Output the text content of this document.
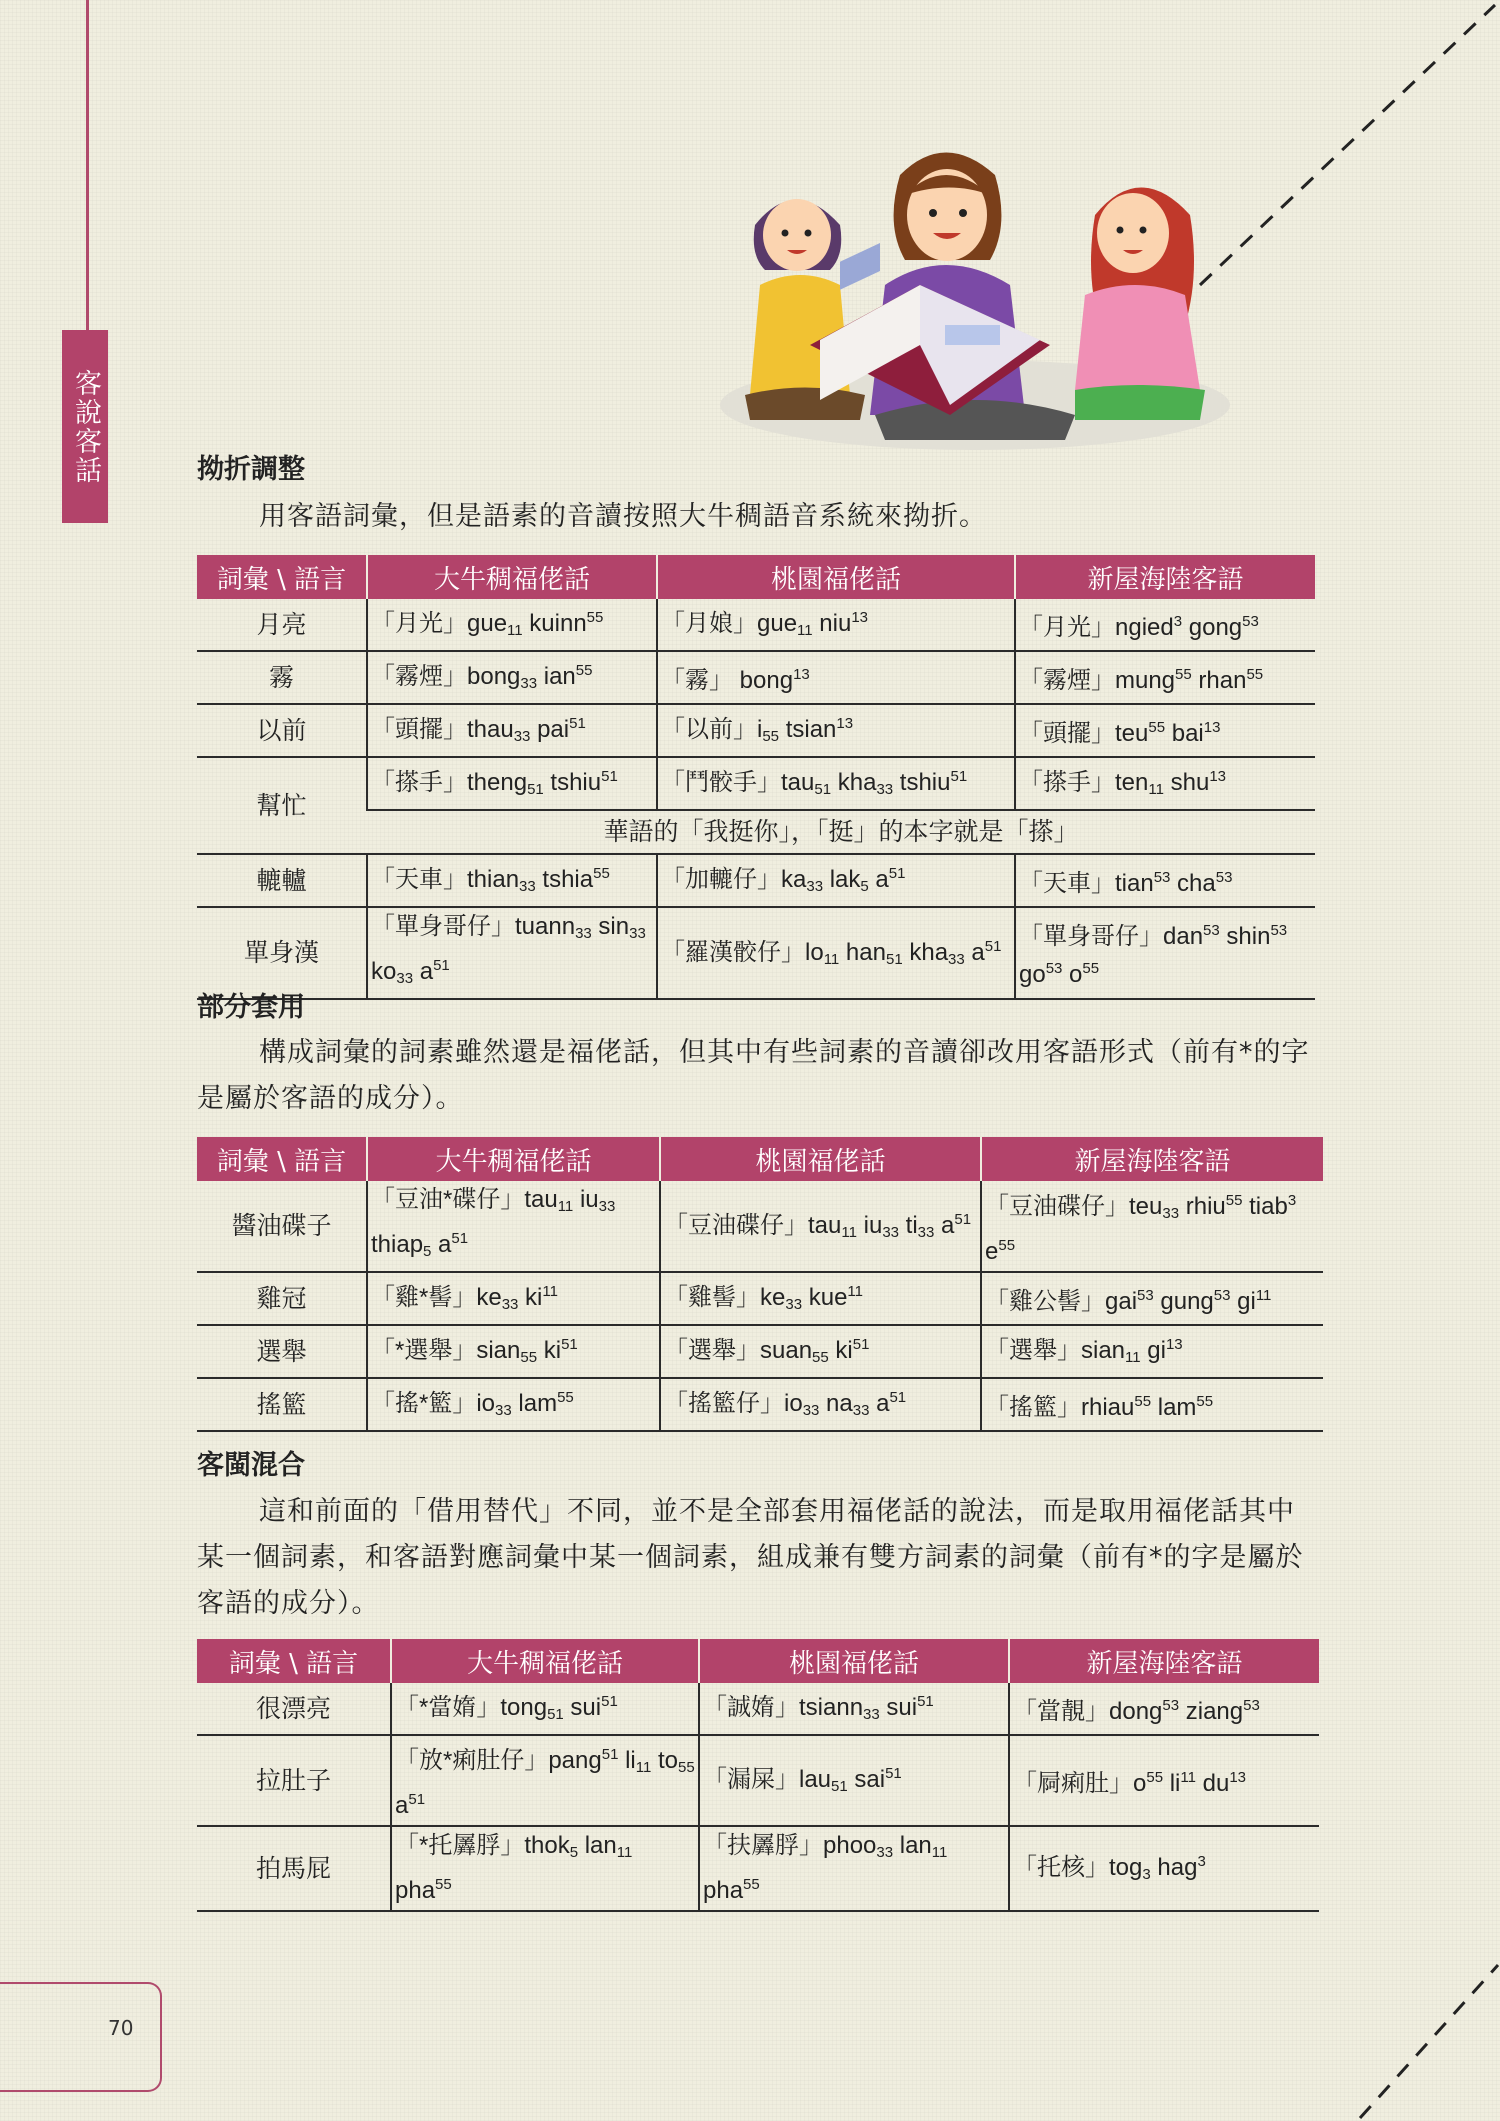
客說客話
70
拗折調整
用客語詞彙，但是語素的音讀按照大牛稠語音系統來拗折。
詞彙 \ 語言	大牛稠福佬話	桃園福佬話	新屋海陸客語
月亮	「月光」gue$_{11}$ kuinn$^{55}$	「月娘」gue$_{11}$ niu$^{13}$	「月光」ngied$^3$ gong$^{53}$
霧	「霧煙」bong$_{33}$ ian$^{55}$	「霧」 bong$^{13}$	「霧煙」mung$^{55}$ rhan$^{55}$
以前	「頭擺」thau$_{33}$ pai$^{51}$	「以前」$i_{55}$ tsian$^{13}$	「頭擺」teu$^{55}$ bai$^{13}$
幫忙	「搽手」theng$_{51}$ tshiu$^{51}$	「鬥骹手」tau$_{51}$ kha$_{33}$ tshiu$^{51}$	「搽手」ten$_{11}$ shu$^{13}$
	華語的「我挺你」，「挺」的本字就是「搽」		
轆轤	「天車」thian$_{33}$ tshia$^{55}$	「加轆仔」$ka_{33}$ lak$_5$ $a^{51}$	「天車」tian$^{53}$ cha$^{53}$
單身漢	「單身哥仔」tuann$_{33}$ $\sin_{33} ko_{33}$ $a^{51}$	「羅漢骹仔」$lo_{11}$ han$_{51}$ kha$_{33}$ $a^{51}$	「單身哥仔」dan$^{53}$ shin$^{53}$ $go^{53}$ $o^{55}$
部分套用
構成詞彙的詞素雖然還是福佬話，但其中有些詞素的音讀卻改用客語形式（前有*的字是屬於客語的成分）。
詞彙 \ 語言	大牛稠福佬話	桃園福佬話	新屋海陸客語
醬油碟子	「豆油*碟仔」tau$_{11}$ $iu_{33}$ thiap$_5$ $a^{51}$	「豆油碟仔」tau$_{11}$ $iu_{33}$ $ti_{33}$ $a^{51}$	「豆油碟仔」teu$_{33}$ rhiu$^{55}$ tiab$^3$ $e^{55}$
雞冠	「雞*髻」$ke_{33}$ $ki^{11}$	「雞髻」$ke_{33}$ kue$^{11}$	「雞公髻」gai$^{53}$ gung$^{53}$ $gi^{11}$
選舉	「*選舉」sian$_{55}$ $ki^{51}$	「選舉」suan$_{55}$ $ki^{51}$	「選舉」sian$_{11}$ $gi^{13}$
搖籃	「搖*籃」$io_{33}$ lam$^{55}$	「搖籃仔」$io_{33}$ $na_{33}$ $a^{51}$	「搖籃」rhiau$^{55}$ lam$^{55}$
客閩混合
這和前面的「借用替代」不同，並不是全部套用福佬話的說法，而是取用福佬話其中某一個詞素，和客語對應詞彙中某一個詞素，組成兼有雙方詞素的詞彙（前有*的字是屬於客語的成分）。
詞彙 \ 語言	大牛稠福佬話	桃園福佬話	新屋海陸客語
很漂亮	「*當媠」tong$_{51}$ sui$^{51}$	「誠媠」tsiann$_{33}$ sui$^{51}$	「當靚」dong$^{53}$ ziang$^{53}$
拉肚子	「放*痢肚仔」pang$^{51}$ $li_{11}$ $to_{55}$ $a^{51}$	「漏屎」lau$_{51}$ sai$^{51}$	「屙痢肚」$o^{55}$ $li^{11}$ $du^{13}$
拍馬屁	「*托羼脬」thok$_5$ lan$_{11}$ pha$^{55}$	「扶羼脬」phoo$_{33}$ lan$_{11}$ pha$^{55}$	「托核」tog$_3$ hag$^3$
